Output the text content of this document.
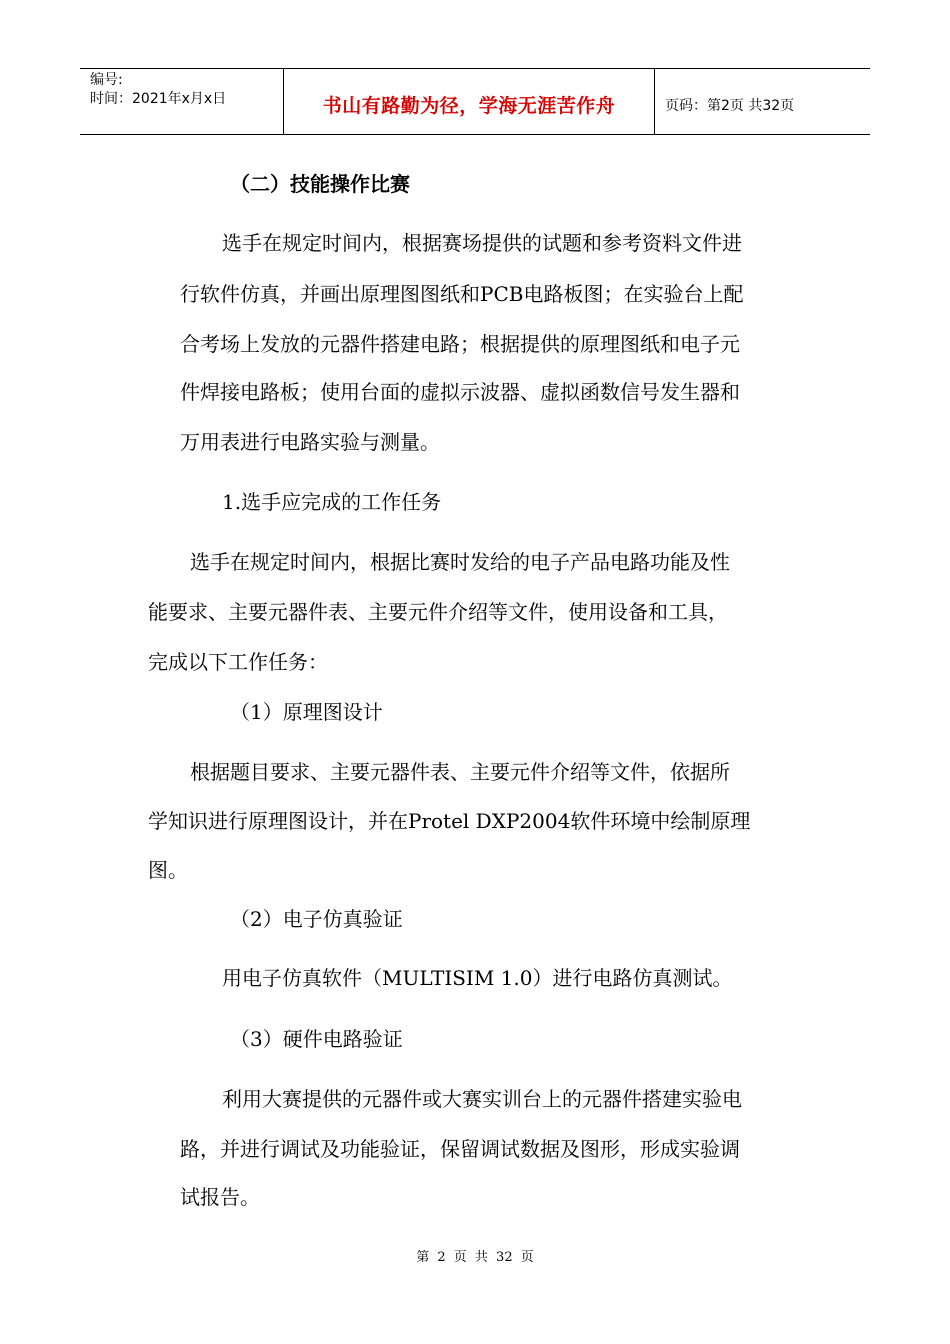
编号:
时间：2021年x月x日	书山有路勤为径，学海无涯苦作舟	页码：第2页 共32页
（二）技能操作比赛
选手在规定时间内，根据赛场提供的试题和参考资料文件进
行软件仿真，并画出原理图图纸和PCB电路板图；在实验台上配
合考场上发放的元器件搭建电路；根据提供的原理图纸和电子元
件焊接电路板；使用台面的虚拟示波器、虚拟函数信号发生器和
万用表进行电路实验与测量。
1.选手应完成的工作任务
选手在规定时间内，根据比赛时发给的电子产品电路功能及性
能要求、主要元器件表、主要元件介绍等文件，使用设备和工具，
完成以下工作任务：
（1）原理图设计
根据题目要求、主要元器件表、主要元件介绍等文件，依据所
学知识进行原理图设计，并在Protel DXP2004软件环境中绘制原理
图。
（2）电子仿真验证
用电子仿真软件（MULTISIM 1.0）进行电路仿真测试。
（3）硬件电路验证
利用大赛提供的元器件或大赛实训台上的元器件搭建实验电
路，并进行调试及功能验证，保留调试数据及图形，形成实验调
试报告。
第 2 页 共 32 页
